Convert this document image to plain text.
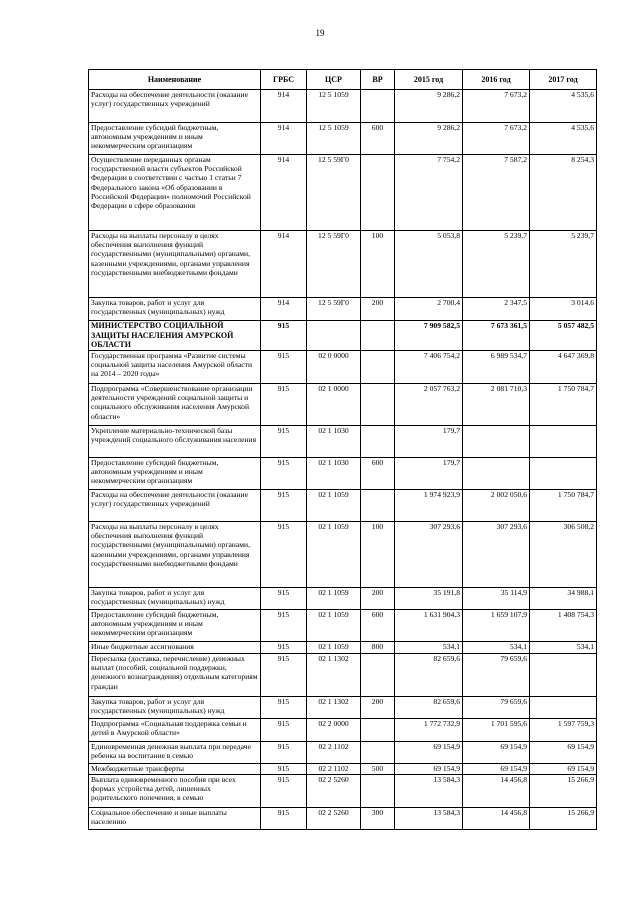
19
Наименование	ГРБС	ЦСР	ВР	2015 год	2016 год	2017 год
Расходы на обеспечение деятельности (оказание услуг) государственных учреждений	914	12 5 1059		9 286,2	7 673,2	4 535,6
Предоставление субсидий бюджетным, автономным учреждениям и иным некоммерческим организациям	914	12 5 1059	600	9 286,2	7 673,2	4 535,6
Осуществление переданных органам государственной власти субъектов Российской Федерации в соответствии с частью 1 статьи 7 Федерального закона «Об образовании в Российской Федерации» полномочий Российской Федерации в сфере образования	914	12 5 59Г0		7 754,2	7 587,2	8 254,3
Расходы на выплаты персоналу в целях обеспечения выполнения функций государственными (муниципальными) органами, казенными учреждениями, органами управления государственными внебюджетными фондами	914	12 5 59Г0	100	5 053,8	5 239,7	5 239,7
Закупка товаров, работ и услуг для государственных (муниципальных) нужд	914	12 5 59Г0	200	2 700,4	2 347,5	3 014,6
МИНИСТЕРСТВО СОЦИАЛЬНОЙ ЗАЩИТЫ НАСЕЛЕНИЯ АМУРСКОЙ ОБЛАСТИ	915			7 909 582,5	7 673 361,5	5 057 482,5
Государственная программа «Развитие системы социальной защиты населения Амурской области на 2014 – 2020 годы»	915	02 0 0000		7 406 754,2	6 989 534,7	4 647 369,8
Подпрограмма «Совершенствование организации деятельности учреждений социальной защиты и социального обслуживания населения Амурской области»	915	02 1 0000		2 057 763,2	2 081 710,3	1 750 784,7
Укрепление материально-технической базы учреждений социального обслуживания населения	915	02 1 1030		179,7		
Предоставление субсидий бюджетным, автономным учреждениям и иным некоммерческим организациям	915	02 1 1030	600	179,7		
Расходы на обеспечение деятельности (оказание услуг) государственных учреждений	915	02 1 1059		1 974 923,9	2 002 050,6	1 750 784,7
Расходы на выплаты персоналу в целях обеспечения выполнения функций государственными (муниципальными) органами, казенными учреждениями, органами управления государственными внебюджетными фондами	915	02 1 1059	100	307 293,6	307 293,6	306 508,2
Закупка товаров, работ и услуг для государственных (муниципальных) нужд	915	02 1 1059	200	35 191,8	35 114,9	34 988,1
Предоставление субсидий бюджетным, автономным учреждениям и иным некоммерческим организациям	915	02 1 1059	600	1 631 904,3	1 659 107,9	1 408 754,3
Иные бюджетные ассигнования	915	02 1 1059	800	534,1	534,1	534,1
Пересылка (доставка, перечисление) денежных выплат (пособий, социальной поддержки, денежного вознаграждения) отдельным категориям граждан	915	02 1 1302		82 659,6	79 659,6	
Закупка товаров, работ и услуг для государственных (муниципальных) нужд	915	02 1 1302	200	82 659,6	79 659,6	
Подпрограмма «Социальная поддержка семьи и детей в Амурской области»	915	02 2 0000		1 772 732,9	1 701 595,6	1 597 759,3
Единовременная денежная выплата при передаче ребенка на воспитание в семью	915	02 2 1102		69 154,9	69 154,9	69 154,9
Межбюджетные трансферты	915	02 2 1102	500	69 154,9	69 154,9	69 154,9
Выплата единовременного пособия при всех формах устройства детей, лишенных родительского попечения, в семью	915	02 2 5260		13 584,3	14 456,8	15 266,9
Социальное обеспечение и иные выплаты населению	915	02 2 5260	300	13 584,3	14 456,8	15 266,9
